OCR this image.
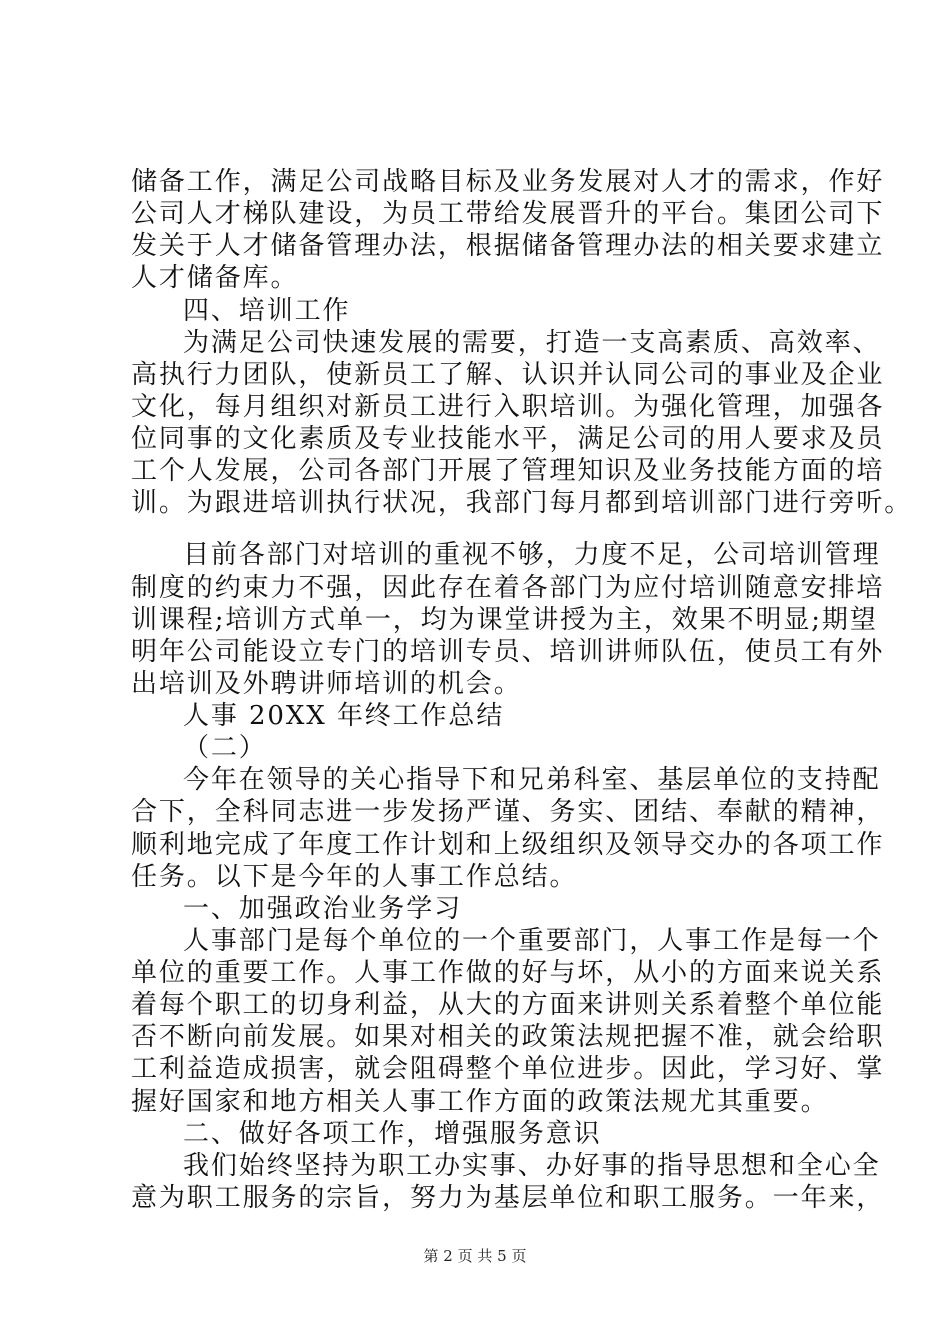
储备工作，满足公司战略目标及业务发展对人才的需求，作好
公司人才梯队建设，为员工带给发展晋升的平台。集团公司下
发关于人才储备管理办法，根据储备管理办法的相关要求建立
人才储备库。
四、培训工作
为满足公司快速发展的需要，打造一支高素质、高效率、
高执行力团队，使新员工了解、认识并认同公司的事业及企业
文化，每月组织对新员工进行入职培训。为强化管理，加强各
位同事的文化素质及专业技能水平，满足公司的用人要求及员
工个人发展，公司各部门开展了管理知识及业务技能方面的培
训。为跟进培训执行状况，我部门每月都到培训部门进行旁听。
目前各部门对培训的重视不够，力度不足，公司培训管理
制度的约束力不强，因此存在着各部门为应付培训随意安排培
训课程;培训方式单一，均为课堂讲授为主，效果不明显;期望
明年公司能设立专门的培训专员、培训讲师队伍，使员工有外
出培训及外聘讲师培训的机会。
人事 20XX 年终工作总结
（二）
今年在领导的关心指导下和兄弟科室、基层单位的支持配
合下，全科同志进一步发扬严谨、务实、团结、奉献的精神，
顺利地完成了年度工作计划和上级组织及领导交办的各项工作
任务。以下是今年的人事工作总结。
一、加强政治业务学习
人事部门是每个单位的一个重要部门，人事工作是每一个
单位的重要工作。人事工作做的好与坏，从小的方面来说关系
着每个职工的切身利益，从大的方面来讲则关系着整个单位能
否不断向前发展。如果对相关的政策法规把握不准，就会给职
工利益造成损害，就会阻碍整个单位进步。因此，学习好、掌
握好国家和地方相关人事工作方面的政策法规尤其重要。
二、做好各项工作，增强服务意识
我们始终坚持为职工办实事、办好事的指导思想和全心全
意为职工服务的宗旨，努力为基层单位和职工服务。一年来，
第 2 页 共 5 页
